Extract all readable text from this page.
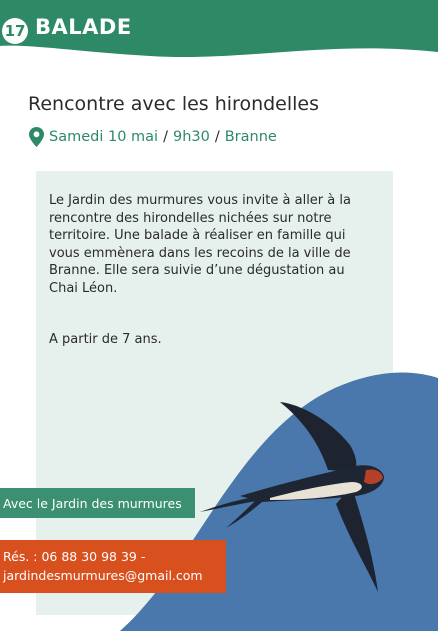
17 BALADE
Rencontre avec les hirondelles
Samedi 10 mai / 9h30 / Branne
Le Jardin des murmures vous invite à aller à la rencontre des hirondelles nichées sur notre territoire. Une balade à réaliser en famille qui vous emmènera dans les recoins de la ville de Branne. Elle sera suivie d’une dégustation au Chai Léon.
A partir de 7 ans.
Avec le Jardin des murmures
Rés. : 06 88 30 98 39 -
jardindesmurmures@gmail.com
